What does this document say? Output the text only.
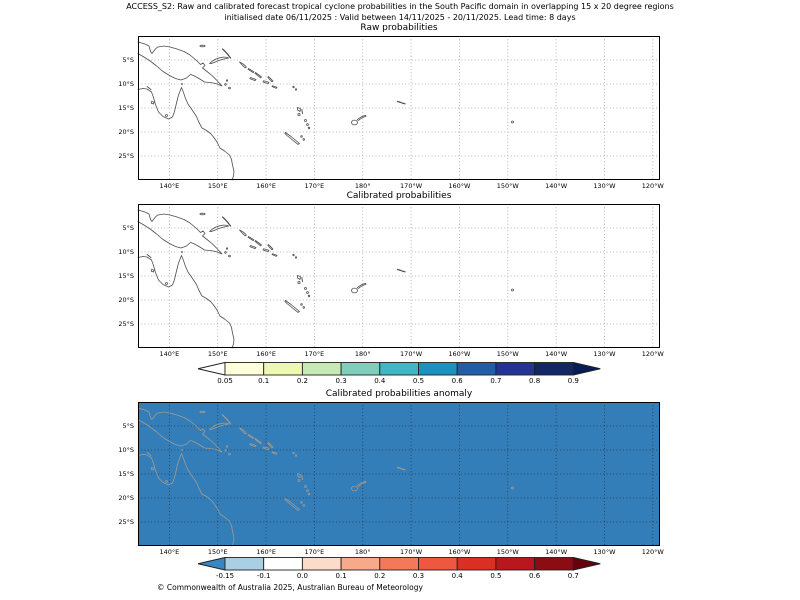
ACCESS_S2: Raw and calibrated forecast tropical cyclone probabilities in the South Pacific domain in overlapping 15 x 20 degree regions
initialised date 06/11/2025 : Valid between 14/11/2025 - 20/11/2025. Lead time: 8 days
Raw probabilities
140°E	150°E	160°E	170°E	180°	170°W	160°W	150°W	140°W	130°W	120°W
5°S
10°S
15°S
20°S
25°S
Calibrated probabilities
140°E	150°E	160°E	170°E	180°	170°W	160°W	150°W	140°W	130°W	120°W
5°S
10°S
15°S
20°S
25°S
0.05	0.1	0.2	0.3	0.4	0.5	0.6	0.7	0.8	0.9
Calibrated probabilities anomaly
140°E	150°E	160°E	170°E	180°	170°W	160°W	150°W	140°W	130°W	120°W
5°S
10°S
15°S
20°S
25°S
-0.15	-0.1	0.0	0.1	0.2	0.3	0.4	0.5	0.6	0.7
© Commonwealth of Australia 2025, Australian Bureau of Meteorology
